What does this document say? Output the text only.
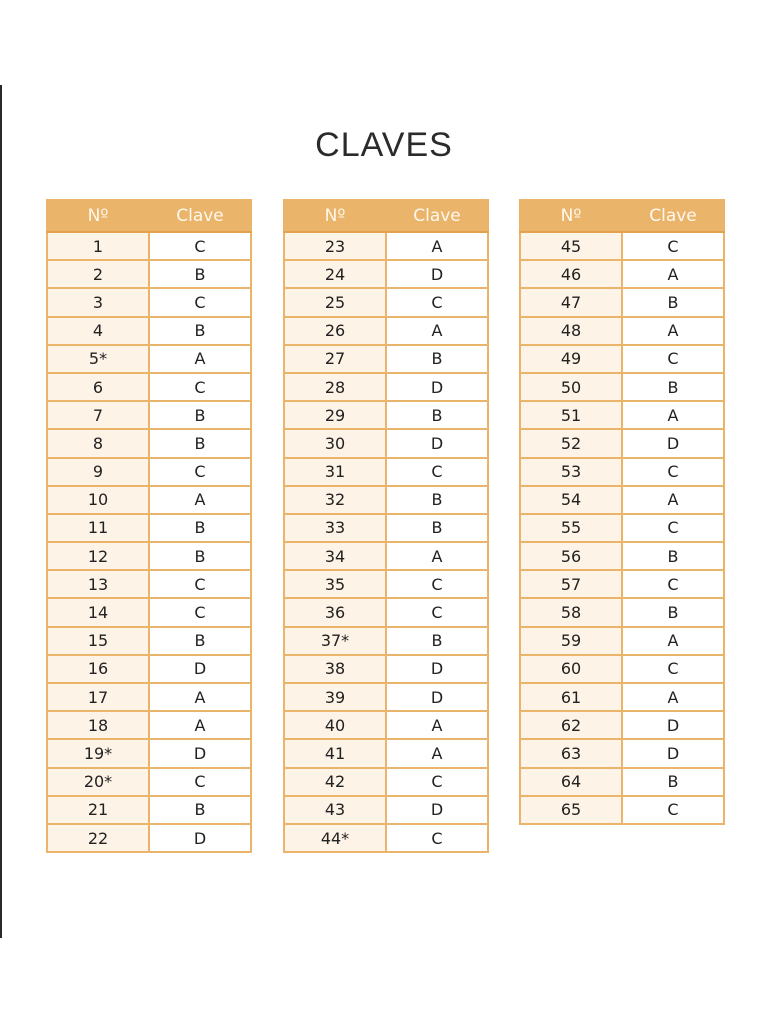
CLAVES
Nº	Clave
1	C
2	B
3	C
4	B
5*	A
6	C
7	B
8	B
9	C
10	A
11	B
12	B
13	C
14	C
15	B
16	D
17	A
18	A
19*	D
20*	C
21	B
22	D
Nº	Clave
23	A
24	D
25	C
26	A
27	B
28	D
29	B
30	D
31	C
32	B
33	B
34	A
35	C
36	C
37*	B
38	D
39	D
40	A
41	A
42	C
43	D
44*	C
Nº	Clave
45	C
46	A
47	B
48	A
49	C
50	B
51	A
52	D
53	C
54	A
55	C
56	B
57	C
58	B
59	A
60	C
61	A
62	D
63	D
64	B
65	C
